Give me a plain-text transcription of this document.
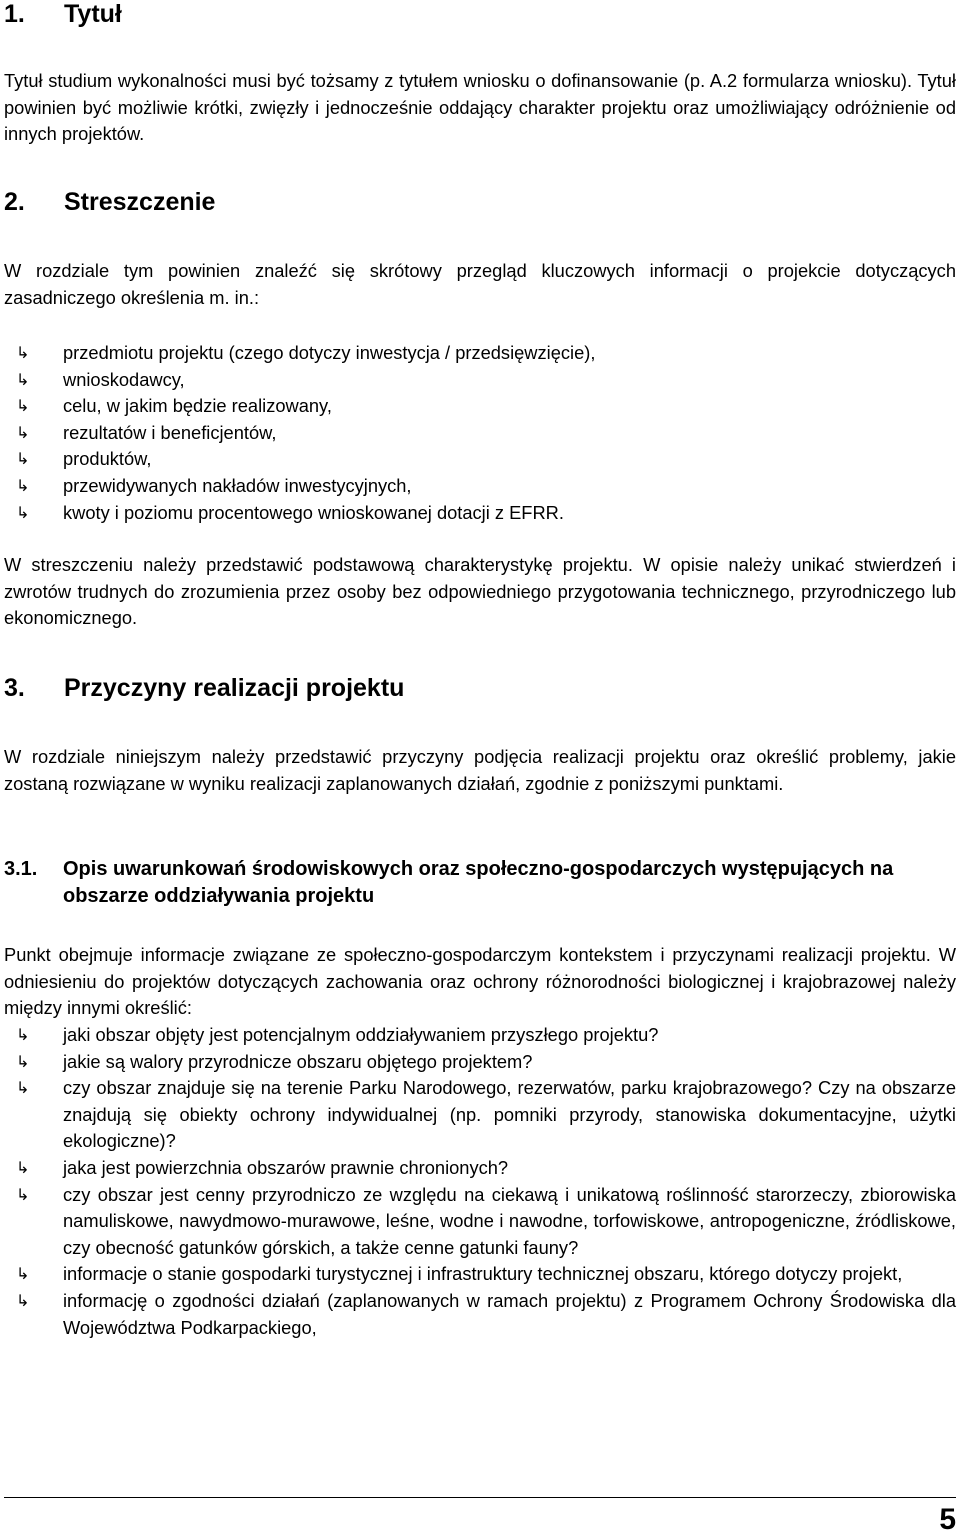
1. Tytuł
Tytuł studium wykonalności musi być tożsamy z tytułem wniosku o dofinansowanie (p. A.2 formularza wniosku). Tytuł powinien być możliwie krótki, zwięzły i jednocześnie oddający charakter projektu oraz umożliwiający odróżnienie od innych projektów.
2. Streszczenie
W rozdziale tym powinien znaleźć się skrótowy przegląd kluczowych informacji o projekcie dotyczących zasadniczego określenia m. in.:
↳ przedmiotu projektu (czego dotyczy inwestycja / przedsięwzięcie),
↳ wnioskodawcy,
↳ celu, w jakim będzie realizowany,
↳ rezultatów i beneficjentów,
↳ produktów,
↳ przewidywanych nakładów inwestycyjnych,
↳ kwoty i poziomu procentowego wnioskowanej dotacji z EFRR.
W streszczeniu należy przedstawić podstawową charakterystykę projektu. W opisie należy unikać stwierdzeń i zwrotów trudnych do zrozumienia przez osoby bez odpowiedniego przygotowania technicznego, przyrodniczego lub ekonomicznego.
3. Przyczyny realizacji projektu
W rozdziale niniejszym należy przedstawić przyczyny podjęcia realizacji projektu oraz określić problemy, jakie zostaną rozwiązane w wyniku realizacji zaplanowanych działań, zgodnie z poniższymi punktami.
3.1. Opis uwarunkowań środowiskowych oraz społeczno-gospodarczych występujących na obszarze oddziaływania projektu
Punkt obejmuje informacje związane ze społeczno-gospodarczym kontekstem i przyczynami realizacji projektu. W odniesieniu do projektów dotyczących zachowania oraz ochrony różnorodności biologicznej i krajobrazowej należy między innymi określić:
↳ jaki obszar objęty jest potencjalnym oddziaływaniem przyszłego projektu?
↳ jakie są walory przyrodnicze obszaru objętego projektem?
↳ czy obszar znajduje się na terenie Parku Narodowego, rezerwatów, parku krajobrazowego? Czy na obszarze znajdują się obiekty ochrony indywidualnej (np. pomniki przyrody, stanowiska dokumentacyjne, użytki ekologiczne)?
↳ jaka jest powierzchnia obszarów prawnie chronionych?
↳ czy obszar jest cenny przyrodniczo ze względu na ciekawą i unikatową roślinność starorzeczy, zbiorowiska namuliskowe, nawydmowo-murawowe, leśne, wodne i nawodne, torfowiskowe, antropogeniczne, źródliskowe, czy obecność gatunków górskich, a także cenne gatunki fauny?
↳ informacje o stanie gospodarki turystycznej i infrastruktury technicznej obszaru, którego dotyczy projekt,
↳ informację o zgodności działań (zaplanowanych w ramach projektu) z Programem Ochrony Środowiska dla Województwa Podkarpackiego,
5
